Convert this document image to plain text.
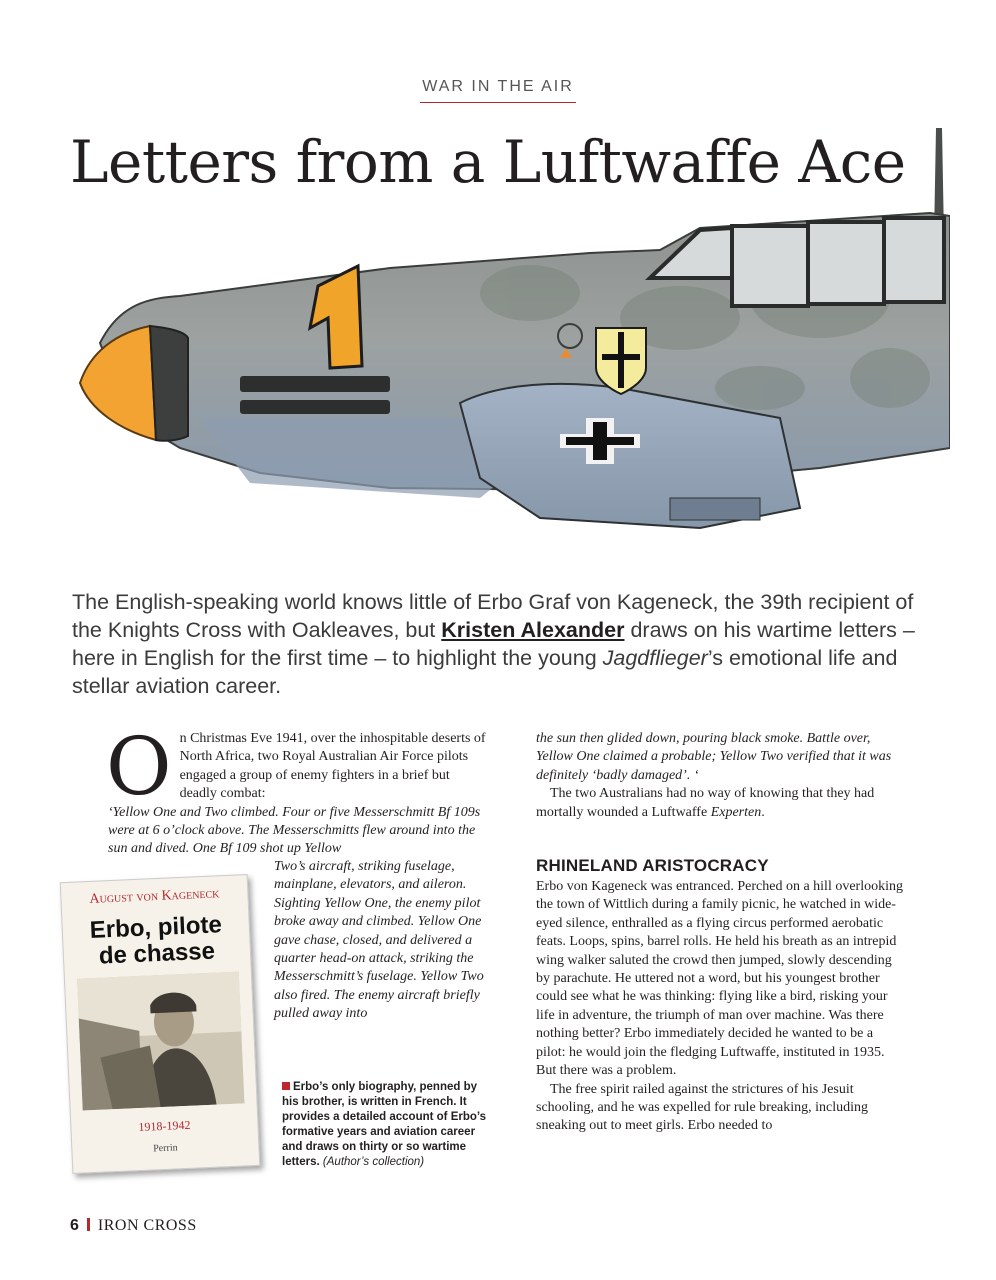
WAR IN THE AIR
Letters from a Luftwaffe Ace

The English-speaking world knows little of Erbo Graf von Kageneck, the 39th recipient of the Knights Cross with Oakleaves, but Kristen Alexander draws on his wartime letters – here in English for the first time – to highlight the young Jagdflieger’s emotional life and stellar aviation career.

On Christmas Eve 1941, over the inhospitable deserts of North Africa, two Royal Australian Air Force pilots engaged a group of enemy fighters in a brief but deadly combat:
‘Yellow One and Two climbed. Four or five Messerschmitt Bf 109s were at 6 o’clock above. The Messerschmitts flew around into the sun and dived. One Bf 109 shot up Yellow

Two’s aircraft, striking fuselage, mainplane, elevators, and aileron. Sighting Yellow One, the enemy pilot broke away and climbed. Yellow One gave chase, closed, and delivered a quarter head-on attack, striking the Messerschmitt’s fuselage. Yellow Two also fired. The enemy aircraft briefly pulled away into

August von Kageneck
Erbo, pilote
de chasse
1918-1942
Perrin

Erbo’s only biography, penned by his brother, is written in French. It provides a detailed account of Erbo’s formative years and aviation career and draws on thirty or so wartime letters. (Author’s collection)

the sun then glided down, pouring black smoke. Battle over, Yellow One claimed a probable; Yellow Two verified that it was definitely ‘badly damaged’. ‘

The two Australians had no way of knowing that they had mortally wounded a Luftwaffe Experten.

RHINELAND ARISTOCRACY

Erbo von Kageneck was entranced. Perched on a hill overlooking the town of Wittlich during a family picnic, he watched in wide-eyed silence, enthralled as a flying circus performed aerobatic feats. Loops, spins, barrel rolls. He held his breath as an intrepid wing walker saluted the crowd then jumped, slowly descending by parachute. He uttered not a word, but his youngest brother could see what he was thinking: flying like a bird, risking your life in adventure, the triumph of man over machine. Was there nothing better? Erbo immediately decided he wanted to be a pilot: he would join the fledging Luftwaffe, instituted in 1935. But there was a problem.

The free spirit railed against the strictures of his Jesuit schooling, and he was expelled for rule breaking, including sneaking out to meet girls. Erbo needed to

6 IRON CROSS
